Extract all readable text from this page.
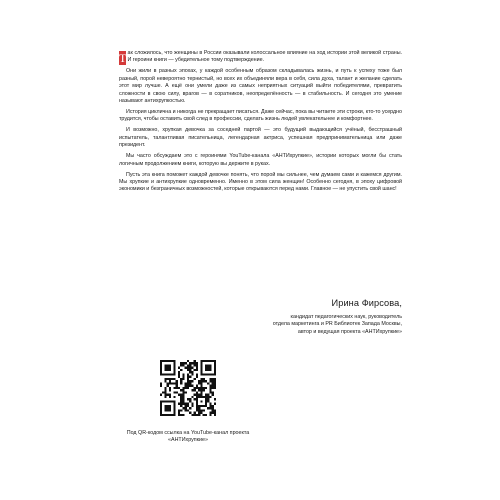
Т ак сложилось, что женщины в России оказывали колоссальное влияние на ход истории этой великой страны. И героини книги — убедительное тому подтверждение.

Они жили в разных эпохах, у каждой особенным образом складывалась жизнь, и путь к успеху тоже был разный, порой невероятно тернистый, но всех их объединяли вера в себя, сила духа, талант и желание сделать этот мир лучше. А ещё они умели даже из самых неприятных ситуаций выйти победителями, превратить сложности в свою силу, врагов — в соратников, неопределённость — в стабильность. И сегодня это умение называют антихрупкостью.

История циклична и никогда не прекращает писаться. Даже сейчас, пока вы читаете эти строки, кто-то усердно трудится, чтобы оставить свой след в профессии, сделать жизнь людей увлекательнее и комфортнее.

И возможно, хрупкая девочка за соседней партой — это будущий выдающийся учёный, бесстрашный испытатель, талантливая писательница, легендарная актриса, успешная предпринимательница или даже президент.

Мы часто обсуждаем это с героинями YouTube-канала «АНТИхрупкие», истории которых могли бы стать логичным продолжением книги, которую вы держите в руках.

Пусть эта книга поможет каждой девочке понять, что порой мы сильнее, чем думаем сами и кажемся другим. Мы хрупкие и антихрупкие одновременно. Именно в этом сила женщин! Особенно сегодня, в эпоху цифровой экономики и безграничных возможностей, которые открываются перед нами. Главное — не упустить свой шанс!

Ирина Фирсова,

кандидат педагогических наук, руководитель

отдела маркетинга и PR Библиотек Запада Москвы,

автор и ведущая проекта «АНТИхрупкие»

Под QR-кодом ссылка на YouTube-канал проекта «АНТИхрупкие»
